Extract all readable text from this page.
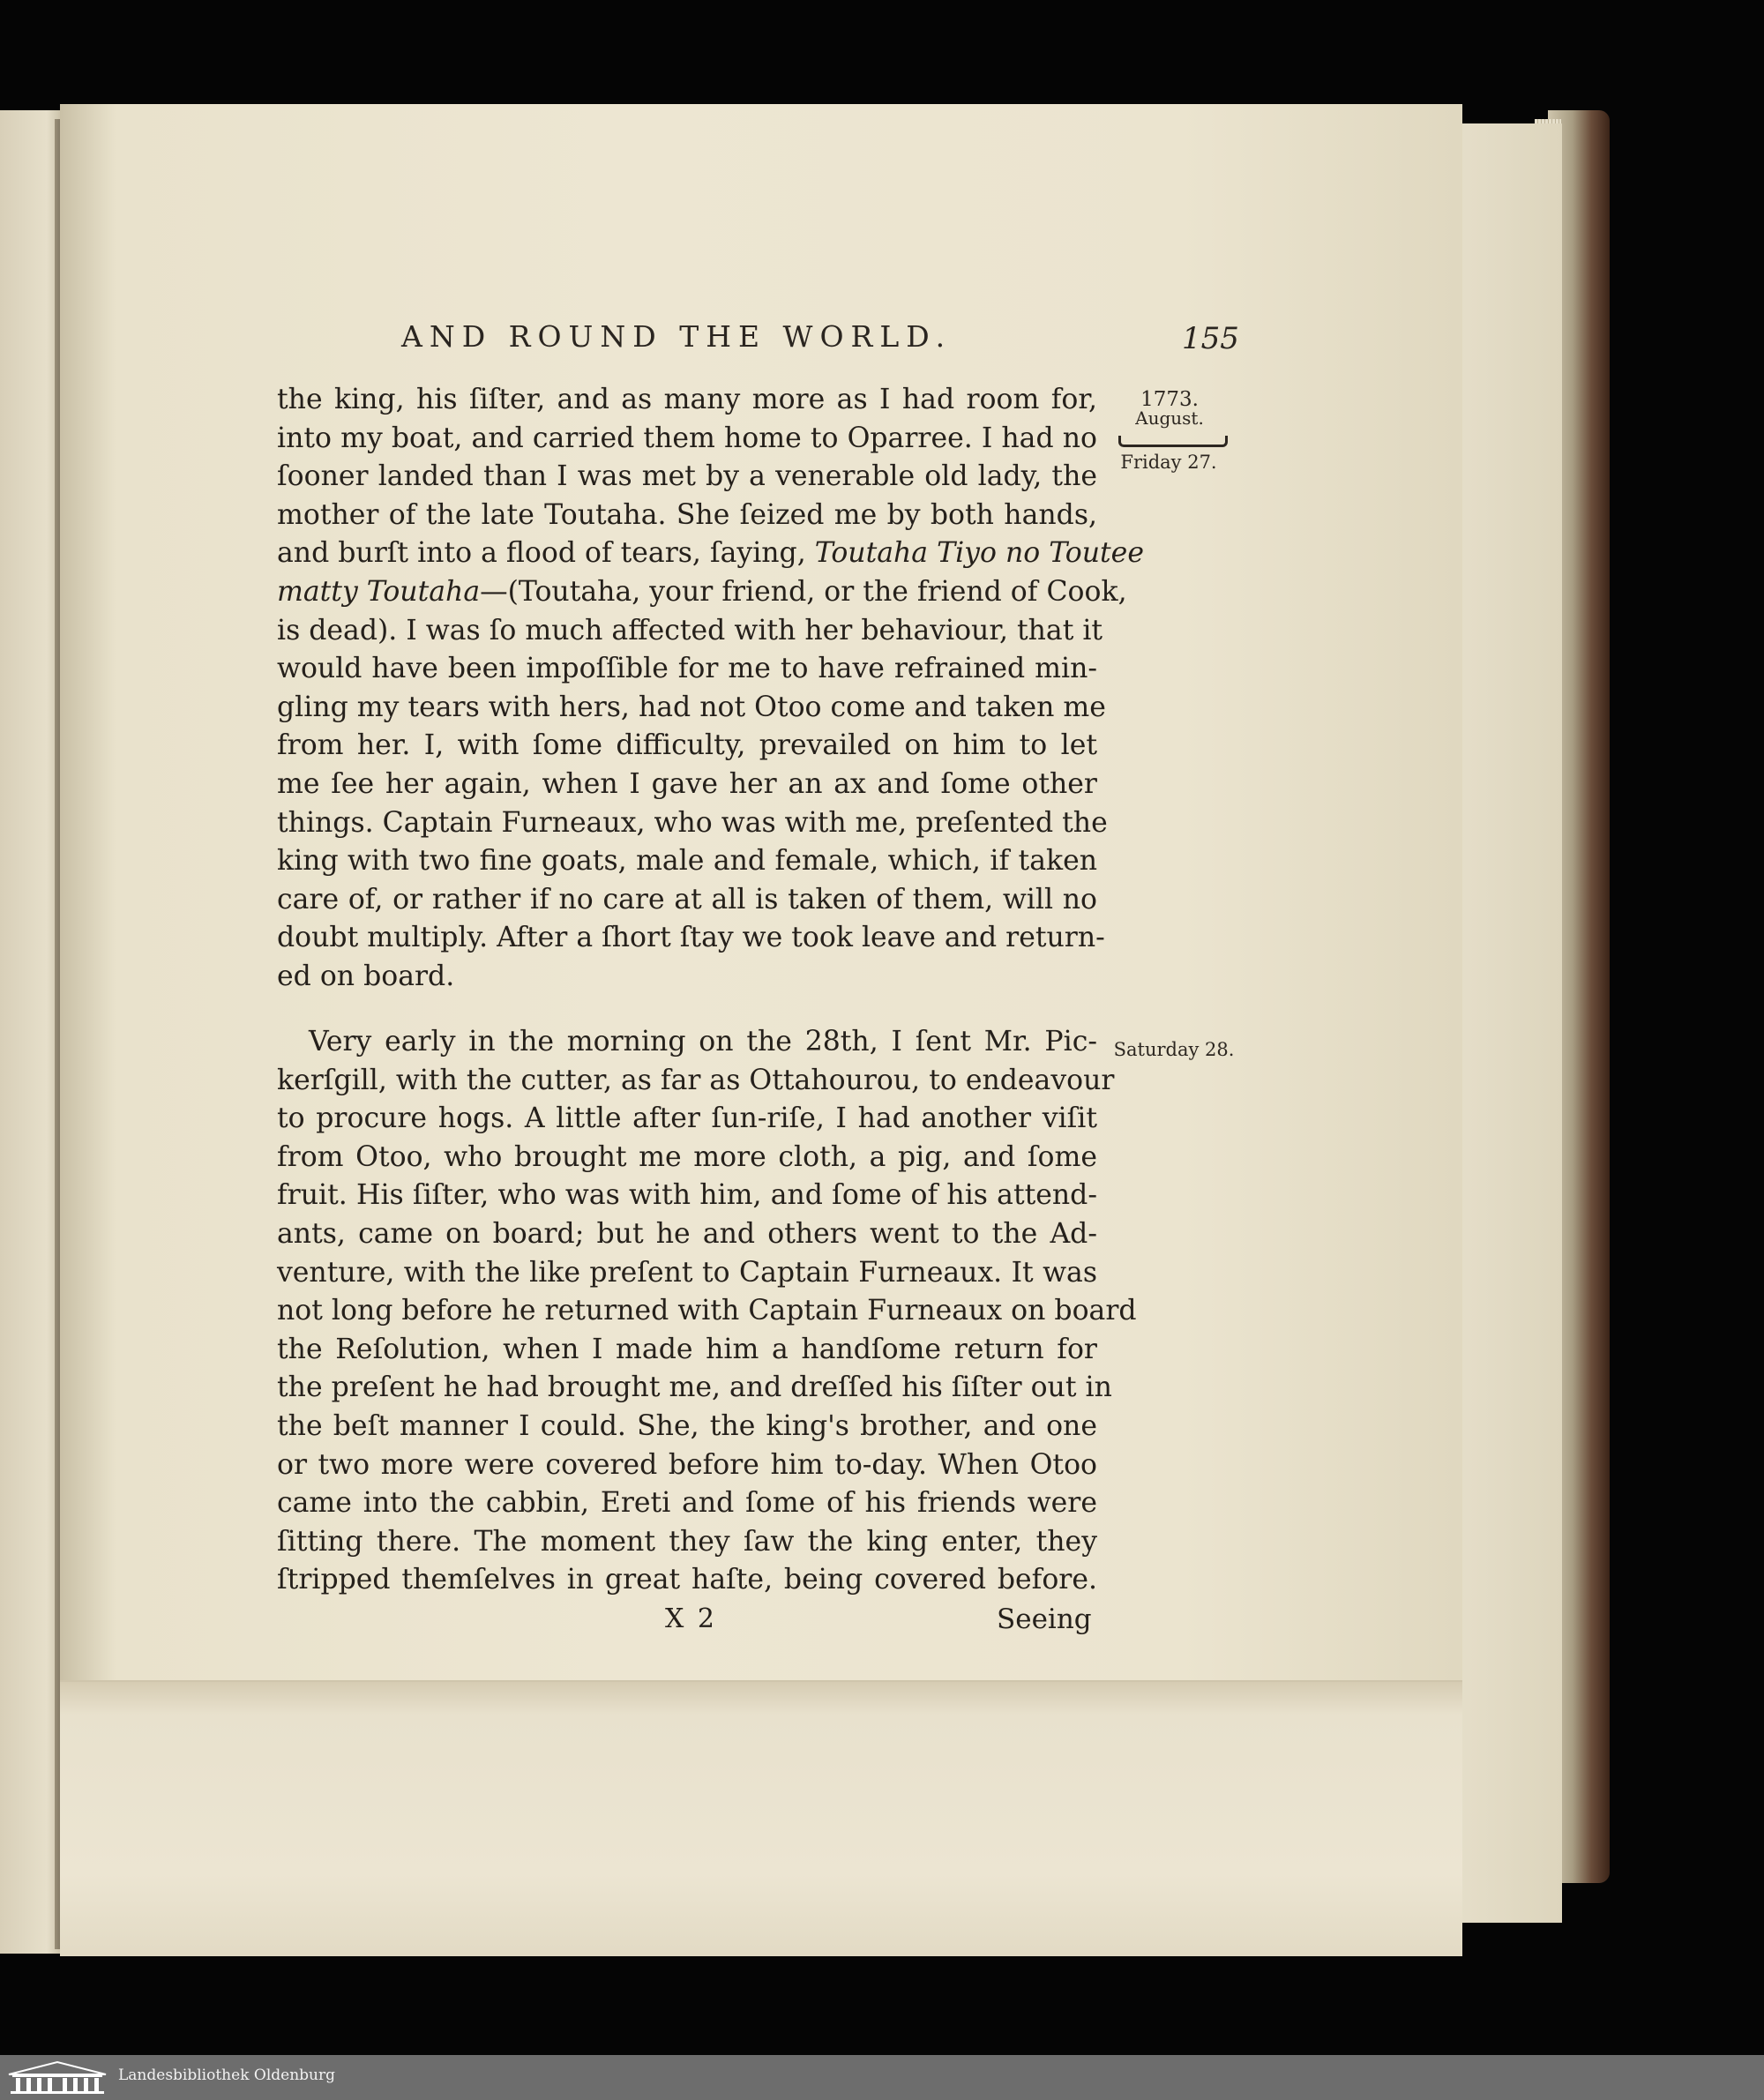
AND ROUND THE WORLD.	155
1773.
August.
Friday 27.
Saturday 28.
the king, his ſiſter, and as many more as I had room for,
into my boat, and carried them home to Oparree. I had no
ſooner landed than I was met by a venerable old lady, the
mother of the late Toutaha. She ſeized me by both hands,
and burſt into a flood of tears, ſaying, Toutaha Tiyo no Toutee
matty Toutaha—(Toutaha, your friend, or the friend of Cook,
is dead). I was ſo much affected with her behaviour, that it
would have been impoſſible for me to have refrained min-
gling my tears with hers, had not Otoo come and taken me
from her. I, with ſome difficulty, prevailed on him to let
me ſee her again, when I gave her an ax and ſome other
things. Captain Furneaux, who was with me, preſented the
king with two fine goats, male and female, which, if taken
care of, or rather if no care at all is taken of them, will no
doubt multiply. After a ſhort ſtay we took leave and return-
ed on board.
Very early in the morning on the 28th, I ſent Mr. Pic-
kerſgill, with the cutter, as far as Ottahourou, to endeavour
to procure hogs. A little after ſun-riſe, I had another viſit
from Otoo, who brought me more cloth, a pig, and ſome
fruit. His ſiſter, who was with him, and ſome of his attend-
ants, came on board; but he and others went to the Ad-
venture, with the like preſent to Captain Furneaux. It was
not long before he returned with Captain Furneaux on board
the Reſolution, when I made him a handſome return for
the preſent he had brought me, and dreſſed his ſiſter out in
the beſt manner I could. She, the king's brother, and one
or two more were covered before him to-day. When Otoo
came into the cabbin, Ereti and ſome of his friends were
ſitting there. The moment they ſaw the king enter, they
ſtripped themſelves in great haſte, being covered before.
X 2	Seeing
Landesbibliothek Oldenburg
